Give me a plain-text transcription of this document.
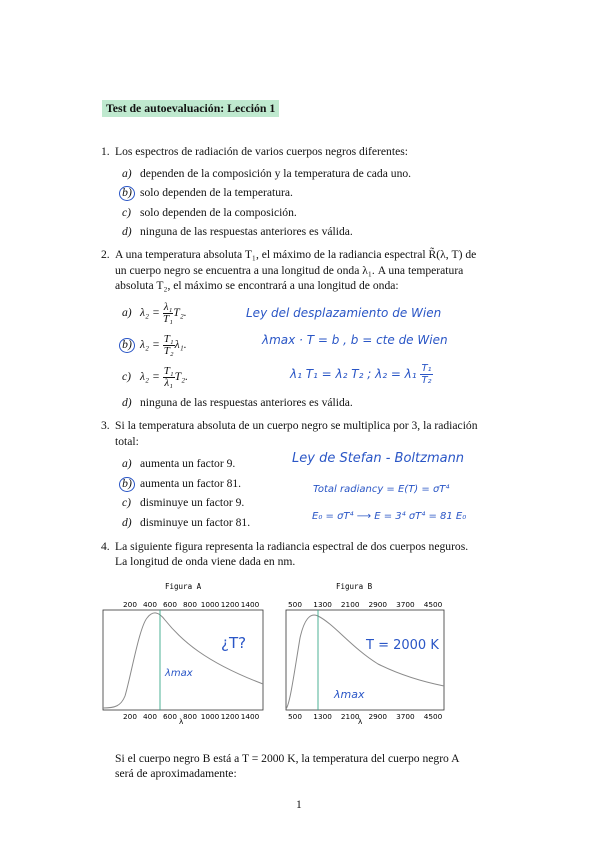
Test de autoevaluación: Lección 1
1. Los espectros de radiación de varios cuerpos negros diferentes:
a) dependen de la composición y la temperatura de cada uno.
b) solo dependen de la temperatura.
c) solo dependen de la composición.
d) ninguna de las respuestas anteriores es válida.
2. A una temperatura absoluta T₁, el máximo de la radiancia espectral R̃(λ, T) de
un cuerpo negro se encuentra a una longitud de onda λ₁. A una temperatura
absoluta T₂, el máximo se encontrará a una longitud de onda:
a) $\lambda_2 = \frac{\text{λ₁}}{\text{T₁}} T_2$.
b) $\lambda_2 = \frac{\text{T₁}}{\text{T₂}} \lambda_1$.
c) $\lambda_2 = \frac{\text{T₁}}{\text{λ₁}} T_2$.
d) ninguna de las respuestas anteriores es válida.
Ley del desplazamiento de Wien
λmax · T = b , b = cte de Wien
λ₁ T₁ = λ₂ T₂ ; $\lambda_2 = \lambda_1 \frac{\text{T₁}}{\text{T₂}}$
3. Si la temperatura absoluta de un cuerpo negro se multiplica por 3, la radiación
total:
a) aumenta un factor 9.
b) aumenta un factor 81.
c) disminuye un factor 9.
d) disminuye un factor 81.
Ley de Stefan - Boltzmann
Total radiancy = E(T) = σT⁴
E₀ = σT⁴ ⟶ E = 3⁴ σT⁴ = 81 E₀
4. La siguiente figura representa la radiancia espectral de dos cuerpos neguros.
La longitud de onda viene dada en nm.
Figura A
200 400 600 800 1000 1200 1400
200 400 600 800 1000 1200 1400
λ
¿T?
λmax
Figura B
500 1300 2100 2900 3700 4500
500 1300 2100 2900 3700 4500
λ
T = 2000 K
λmax
Si el cuerpo negro B está a T = 2000 K, la temperatura del cuerpo negro A
será de aproximadamente:
1
